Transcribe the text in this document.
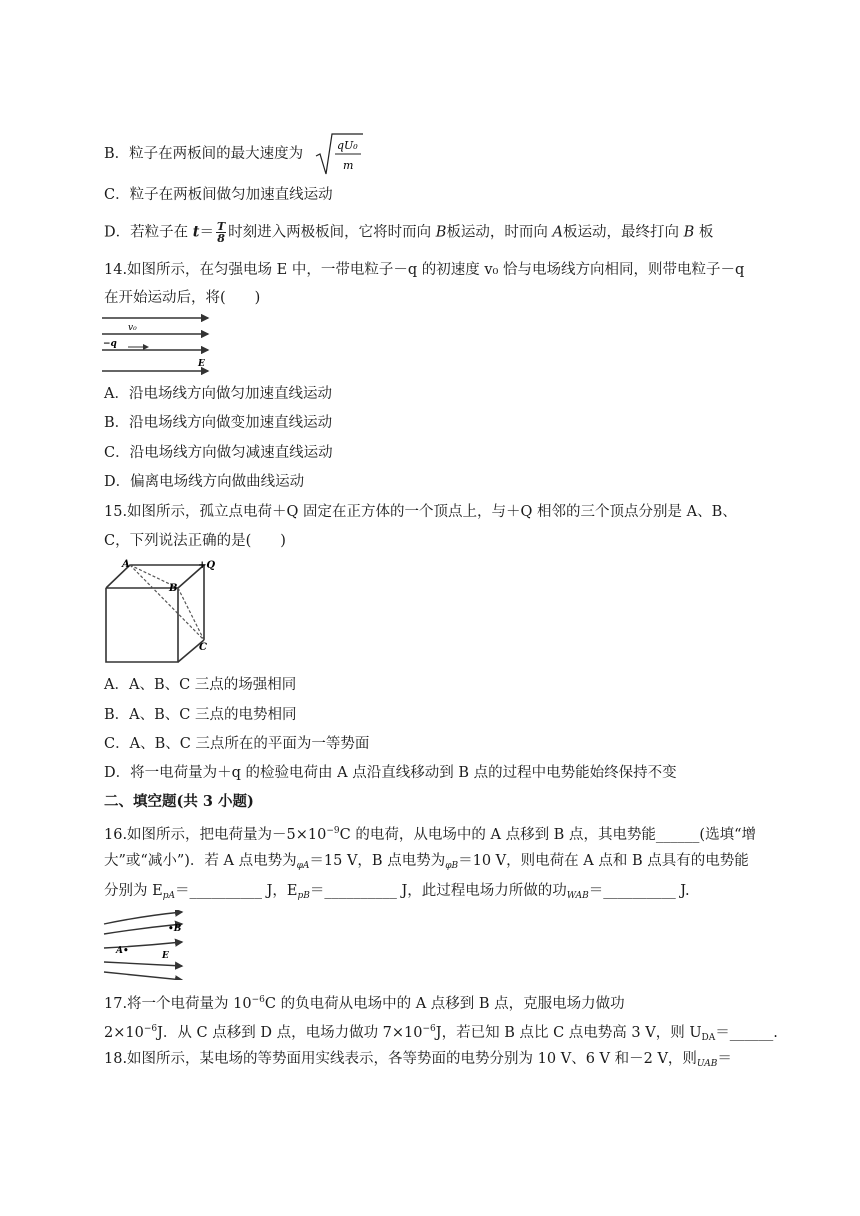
B．粒子在两板间的最大速度为
qU₀
m
C．粒子在两板间做匀加速直线运动
D．若粒子在 $t= \frac{T}{8}$ 时刻进入两极板间，它将时而向 B板运动，时而向 A板运动，最终打向 B 板
14.如图所示，在匀强电场 E 中，一带电粒子－q 的初速度 v₀ 恰与电场线方向相同，则带电粒子－q
在开始运动后，将(　　)
v₀
−q
E
A．沿电场线方向做匀加速直线运动
B．沿电场线方向做变加速直线运动
C．沿电场线方向做匀减速直线运动
D．偏离电场线方向做曲线运动
15.如图所示，孤立点电荷＋Q 固定在正方体的一个顶点上，与＋Q 相邻的三个顶点分别是 A、B、
C，下列说法正确的是(　　)
A	+Q
B
C
A．A、B、C 三点的场强相同
B．A、B、C 三点的电势相同
C．A、B、C 三点所在的平面为一等势面
D．将一电荷量为＋q 的检验电荷由 A 点沿直线移动到 B 点的过程中电势能始终保持不变
二、填空题(共 3 小题)
16.如图所示，把电荷量为$-5\times 10^{-9}C$ 的电荷，从电场中的 A 点移到 B 点，其电势能______(选填“增
大”或“减小”)．若 A 点电势为$_{\varphi A}$＝15 V，B 点电势为$_{\varphi B}$＝10 V，则电荷在 A 点和 B 点具有的电势能
分别为 $E_{pA}=\_\_\_\_\_\_\_\_\_\_$ J，$E_{pB}=\_\_\_\_\_\_\_\_\_\_$ J，此过程电场力所做的功$_{WAB}$＝__________ J.
•B
A•	E
17.将一个电荷量为 $10^{-6}C$ 的负电荷从电场中的 A 点移到 B 点，克服电场力做功
$2\times 10^{-6}J$．从 C 点移到 D 点，电场力做功 $7\times 10^{-6}J$，若已知 B 点比 C 点电势高 3 V，则 $U_{DA}=\_\_\_\_\_\_$.
18.如图所示，某电场的等势面用实线表示，各等势面的电势分别为 10 V、6 V 和－2 V，则$_{UAB}$＝
